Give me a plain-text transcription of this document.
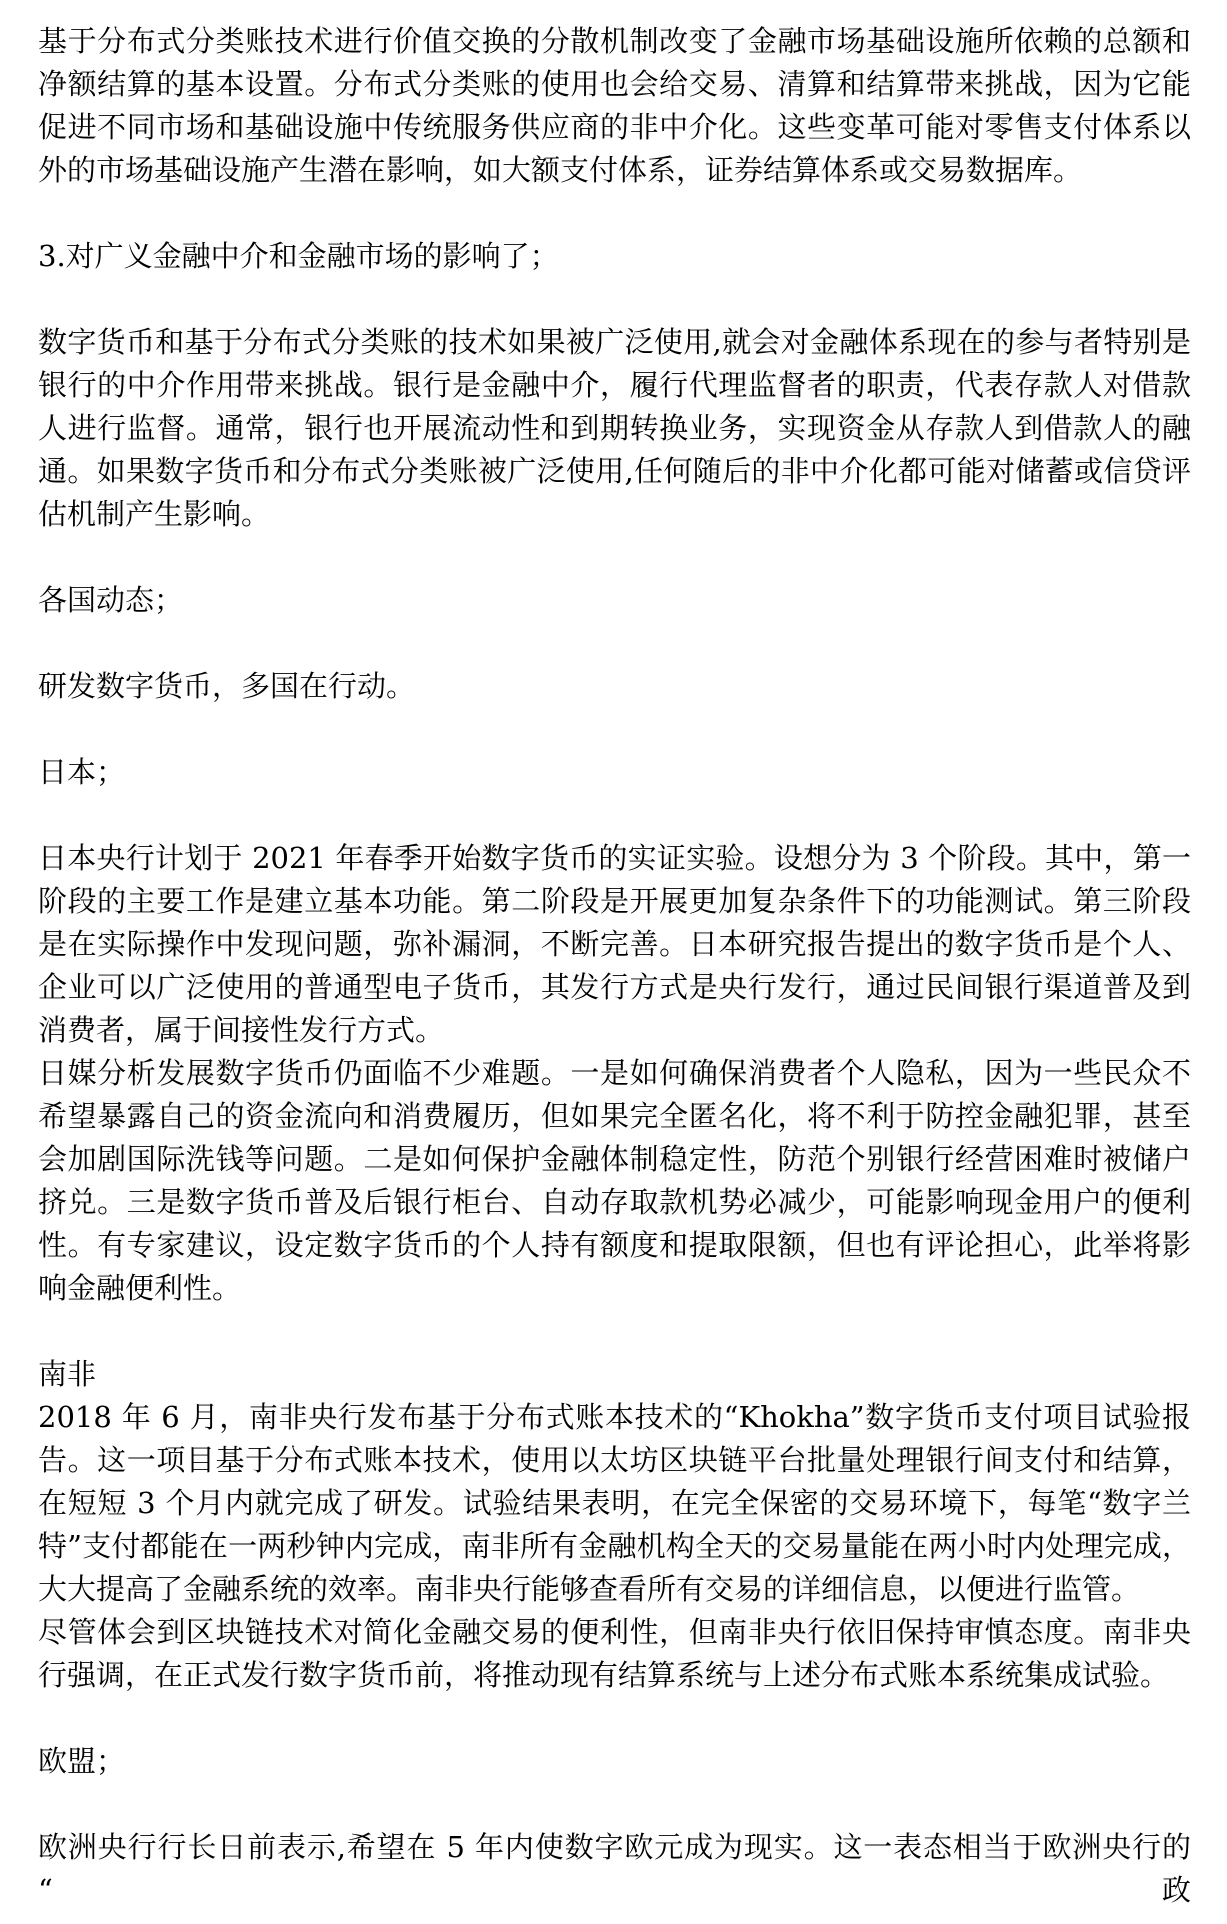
基于分布式分类账技术进行价值交换的分散机制改变了金融市场基础设施所依赖的总额和净额结算的基本设置。分布式分类账的使用也会给交易、清算和结算带来挑战，因为它能促进不同市场和基础设施中传统服务供应商的非中介化。这些变革可能对零售支付体系以外的市场基础设施产生潜在影响，如大额支付体系，证券结算体系或交易数据库。

3.对广义金融中介和金融市场的影响了；

数字货币和基于分布式分类账的技术如果被广泛使用,就会对金融体系现在的参与者特别是银行的中介作用带来挑战。银行是金融中介，履行代理监督者的职责，代表存款人对借款人进行监督。通常，银行也开展流动性和到期转换业务，实现资金从存款人到借款人的融通。如果数字货币和分布式分类账被广泛使用,任何随后的非中介化都可能对储蓄或信贷评估机制产生影响。

各国动态；

研发数字货币，多国在行动。

日本；

日本央行计划于 2021 年春季开始数字货币的实证实验。设想分为 3 个阶段。其中，第一阶段的主要工作是建立基本功能。第二阶段是开展更加复杂条件下的功能测试。第三阶段是在实际操作中发现问题，弥补漏洞，不断完善。日本研究报告提出的数字货币是个人、企业可以广泛使用的普通型电子货币，其发行方式是央行发行，通过民间银行渠道普及到消费者，属于间接性发行方式。

日媒分析发展数字货币仍面临不少难题。一是如何确保消费者个人隐私，因为一些民众不希望暴露自己的资金流向和消费履历，但如果完全匿名化，将不利于防控金融犯罪，甚至会加剧国际洗钱等问题。二是如何保护金融体制稳定性，防范个别银行经营困难时被储户挤兑。三是数字货币普及后银行柜台、自动存取款机势必减少，可能影响现金用户的便利性。有专家建议，设定数字货币的个人持有额度和提取限额，但也有评论担心，此举将影响金融便利性。

南非

2018 年 6 月，南非央行发布基于分布式账本技术的“Khokha”数字货币支付项目试验报告。这一项目基于分布式账本技术，使用以太坊区块链平台批量处理银行间支付和结算，在短短 3 个月内就完成了研发。试验结果表明，在完全保密的交易环境下，每笔“数字兰特”支付都能在一两秒钟内完成，南非所有金融机构全天的交易量能在两小时内处理完成，大大提高了金融系统的效率。南非央行能够查看所有交易的详细信息，以便进行监管。

尽管体会到区块链技术对简化金融交易的便利性，但南非央行依旧保持审慎态度。南非央行强调，在正式发行数字货币前，将推动现有结算系统与上述分布式账本系统集成试验。

欧盟；

欧洲央行行长日前表示,希望在 5 年内使数字欧元成为现实。这一表态相当于欧洲央行的“政
